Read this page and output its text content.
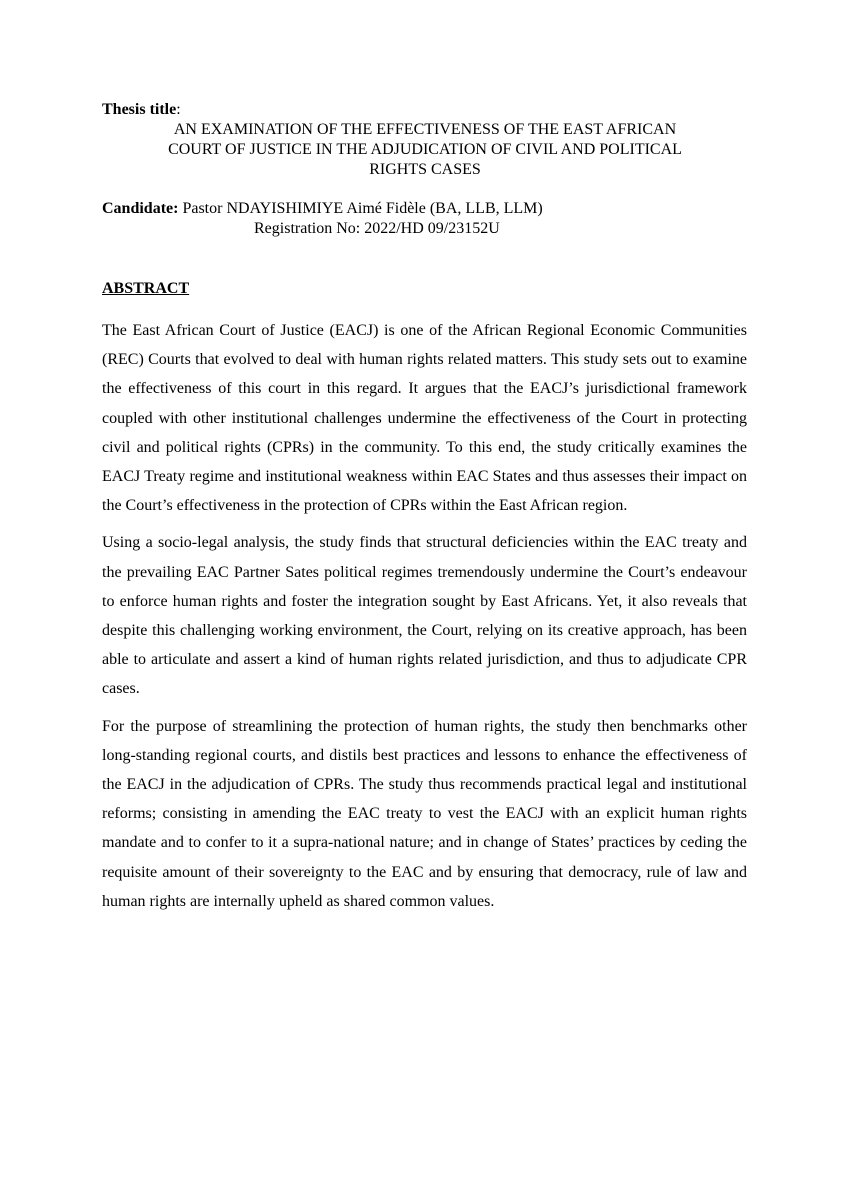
Thesis title:
AN EXAMINATION OF THE EFFECTIVENESS OF THE EAST AFRICAN
COURT OF JUSTICE IN THE ADJUDICATION OF CIVIL AND POLITICAL
RIGHTS CASES
Candidate: Pastor NDAYISHIMIYE Aimé Fidèle (BA, LLB, LLM)
Registration No: 2022/HD 09/23152U
ABSTRACT

The East African Court of Justice (EACJ) is one of the African Regional Economic Communities (REC) Courts that evolved to deal with human rights related matters. This study sets out to examine the effectiveness of this court in this regard. It argues that the EACJ’s jurisdictional framework coupled with other institutional challenges undermine the effectiveness of the Court in protecting civil and political rights (CPRs) in the community. To this end, the study critically examines the EACJ Treaty regime and institutional weakness within EAC States and thus assesses their impact on the Court’s effectiveness in the protection of CPRs within the East African region.

Using a socio-legal analysis, the study finds that structural deficiencies within the EAC treaty and the prevailing EAC Partner Sates political regimes tremendously undermine the Court’s endeavour to enforce human rights and foster the integration sought by East Africans. Yet, it also reveals that despite this challenging working environment, the Court, relying on its creative approach, has been able to articulate and assert a kind of human rights related jurisdiction, and thus to adjudicate CPR cases.

For the purpose of streamlining the protection of human rights, the study then benchmarks other long-standing regional courts, and distils best practices and lessons to enhance the effectiveness of the EACJ in the adjudication of CPRs. The study thus recommends practical legal and institutional reforms; consisting in amending the EAC treaty to vest the EACJ with an explicit human rights mandate and to confer to it a supra-national nature; and in change of States’ practices by ceding the requisite amount of their sovereignty to the EAC and by ensuring that democracy, rule of law and human rights are internally upheld as shared common values.
